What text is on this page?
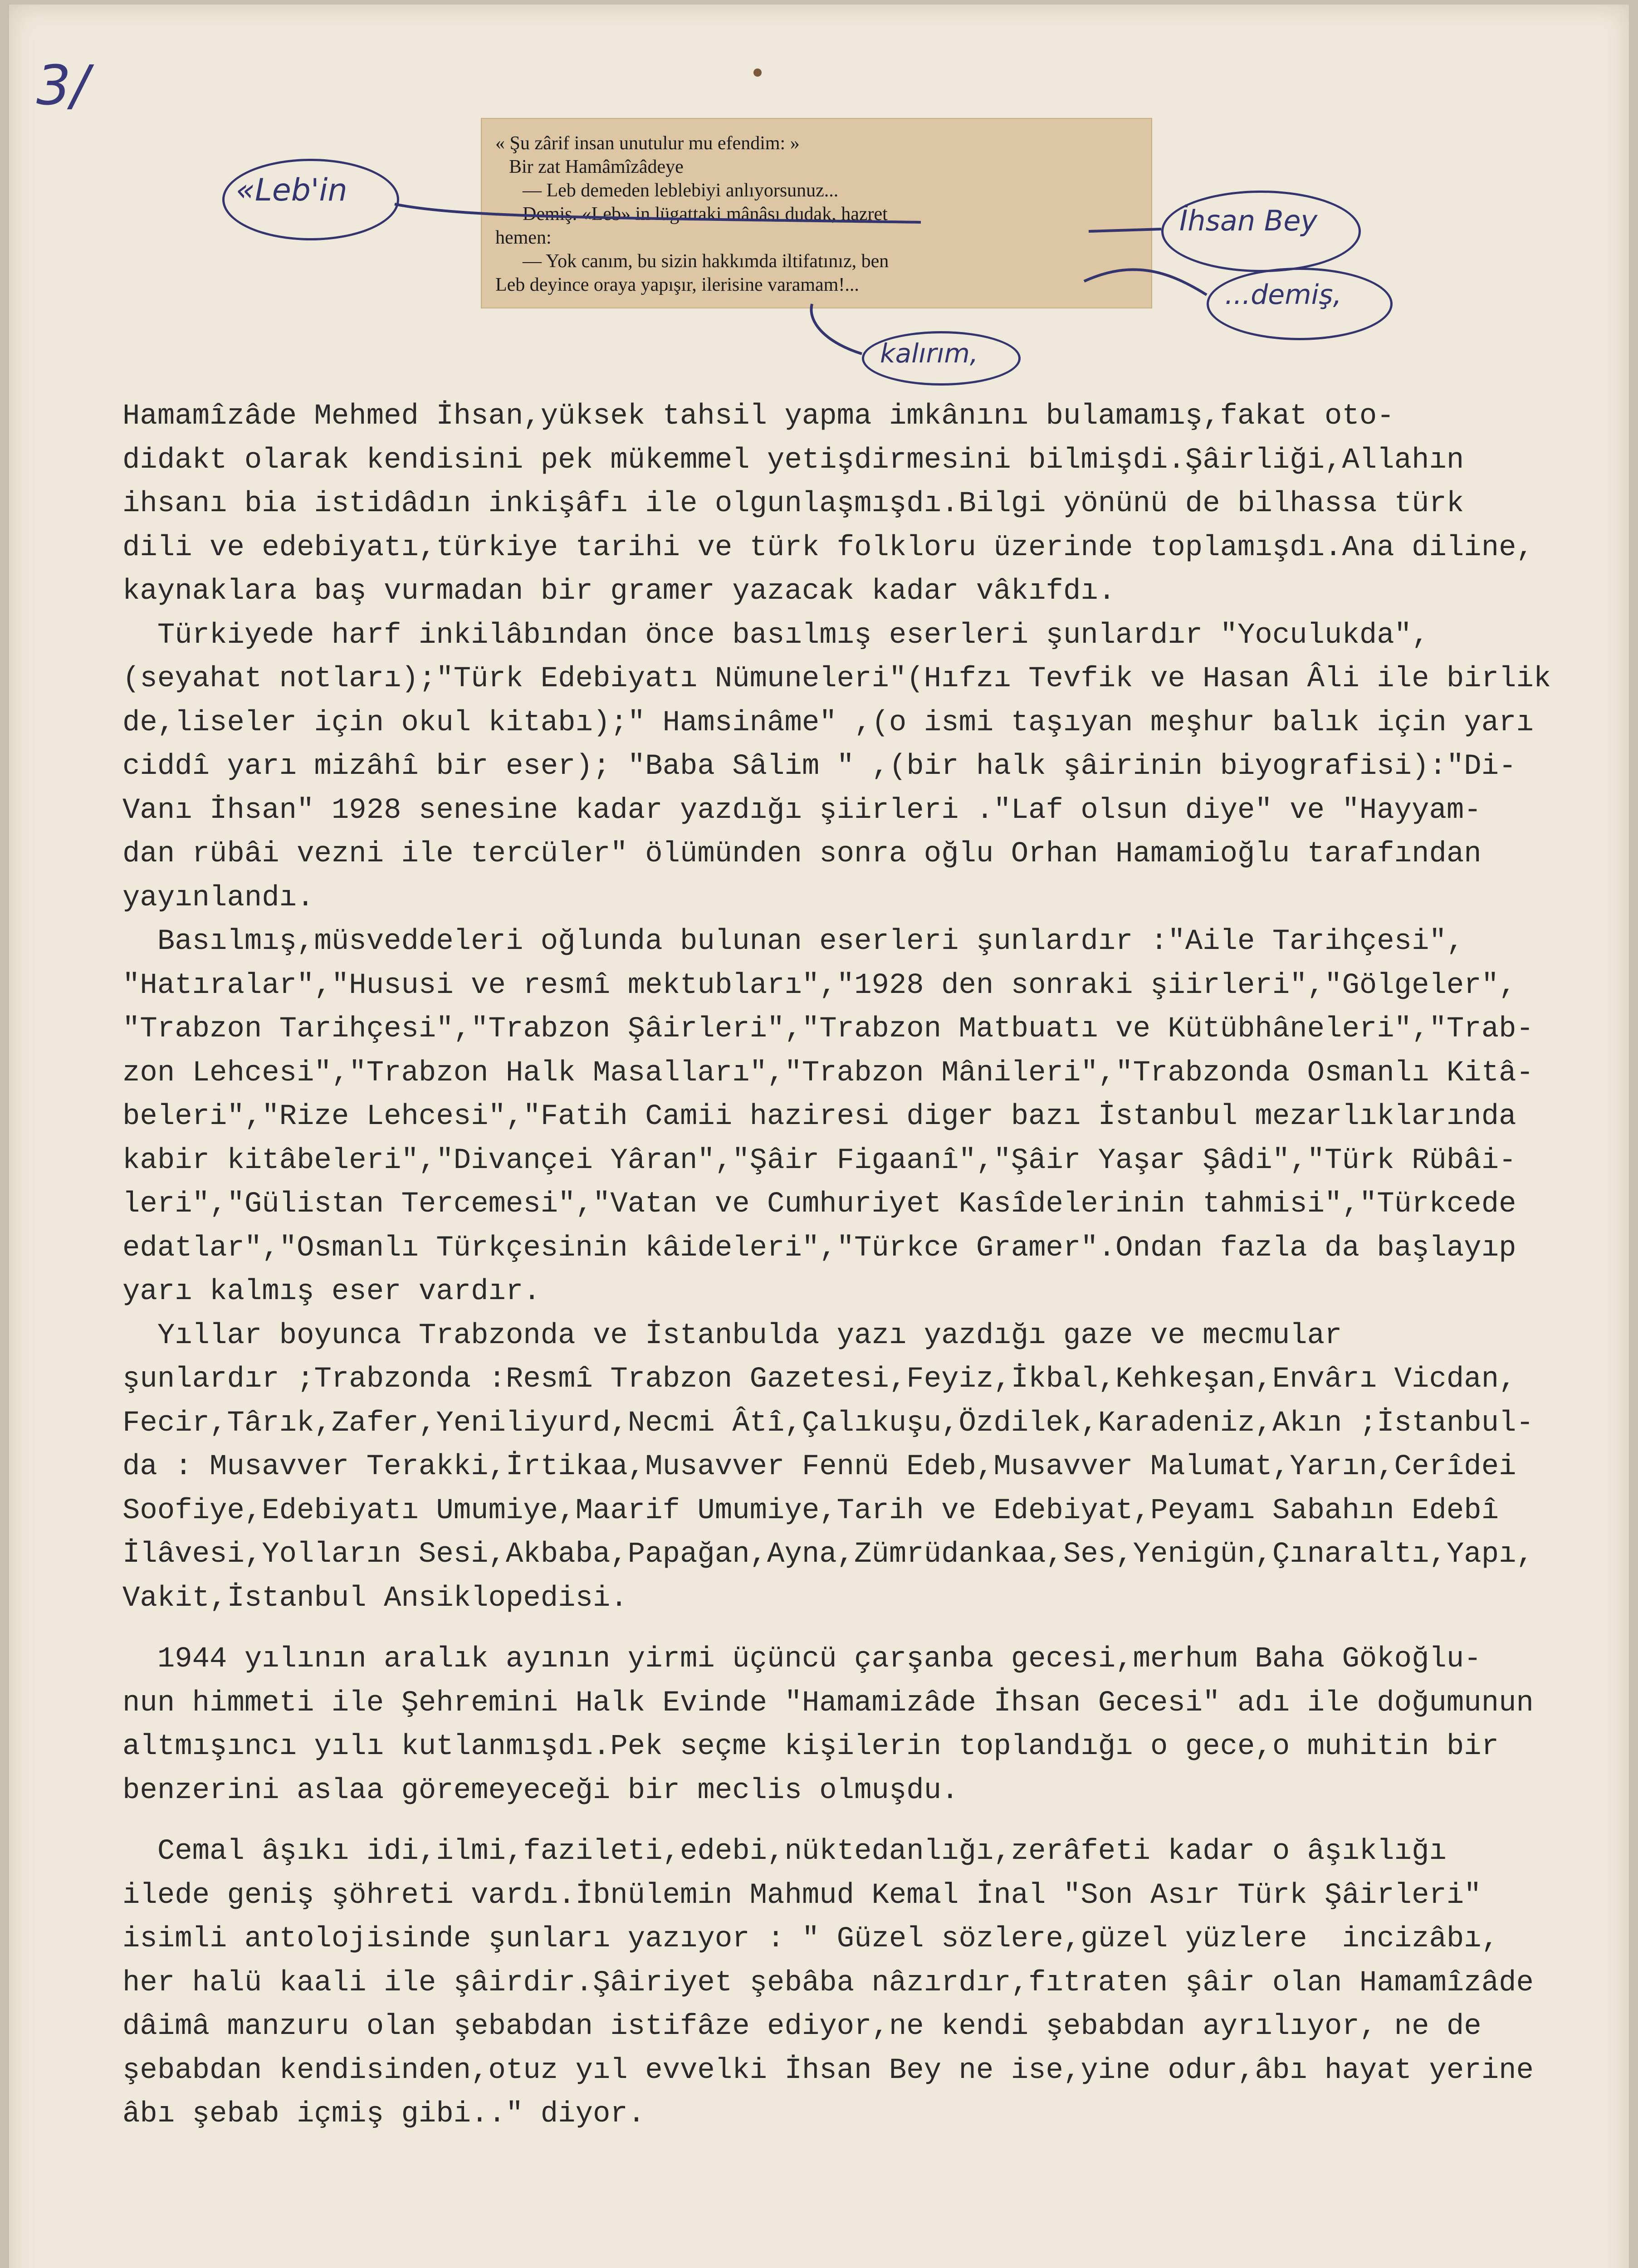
3/
« Şu zârif insan unutulur mu efendim: »
Bir zat Hamâmîzâdeye
— Leb demeden leblebiyi anlıyorsunuz...
Demiş. «Leb» in lügattaki mânâsı dudak, hazret
hemen:
— Yok canım, bu sizin hakkımda iltifatınız, ben
Leb deyince oraya yapışır, ilerisine varamam!...
«Leb'in
İhsan Bey
...demiş,
kalırım,

Hamamîzâde Mehmed İhsan,yüksek tahsil yapma imkânını bulamamış,fakat oto-

didakt olarak kendisini pek mükemmel yetişdirmesini bilmişdi.Şâirliği,Allahın

ihsanı bia istidâdın inkişâfı ile olgunlaşmışdı.Bilgi yönünü de bilhassa türk

dili ve edebiyatı,türkiye tarihi ve türk folkloru üzerinde toplamışdı.Ana diline,

kaynaklara baş vurmadan bir gramer yazacak kadar vâkıfdı.

Türkiyede harf inkilâbından önce basılmış eserleri şunlardır "Yoculukda",

(seyahat notları);"Türk Edebiyatı Nümuneleri"(Hıfzı Tevfik ve Hasan Âli ile birlik

de,liseler için okul kitabı);" Hamsinâme" ,(o ismi taşıyan meşhur balık için yarı

ciddî yarı mizâhî bir eser); "Baba Sâlim " ,(bir halk şâirinin biyografisi):"Di-

Vanı İhsan" 1928 senesine kadar yazdığı şiirleri ."Laf olsun diye" ve "Hayyam-

dan rübâi vezni ile tercüler" ölümünden sonra oğlu Orhan Hamamioğlu tarafından

yayınlandı.

Basılmış,müsveddeleri oğlunda bulunan eserleri şunlardır :"Aile Tarihçesi",

"Hatıralar","Hususi ve resmî mektubları","1928 den sonraki şiirleri","Gölgeler",

"Trabzon Tarihçesi","Trabzon Şâirleri","Trabzon Matbuatı ve Kütübhâneleri","Trab-

zon Lehcesi","Trabzon Halk Masalları","Trabzon Mânileri","Trabzonda Osmanlı Kitâ-

beleri","Rize Lehcesi","Fatih Camii haziresi diger bazı İstanbul mezarlıklarında

kabir kitâbeleri","Divançei Yâran","Şâir Figaanî","Şâir Yaşar Şâdi","Türk Rübâi-

leri","Gülistan Tercemesi","Vatan ve Cumhuriyet Kasîdelerinin tahmisi","Türkcede

edatlar","Osmanlı Türkçesinin kâideleri","Türkce Gramer".Ondan fazla da başlayıp

yarı kalmış eser vardır.

Yıllar boyunca Trabzonda ve İstanbulda yazı yazdığı gaze ve mecmular

şunlardır ;Trabzonda :Resmî Trabzon Gazetesi,Feyiz,İkbal,Kehkeşan,Envârı Vicdan,

Fecir,Târık,Zafer,Yeniliyurd,Necmi Âtî,Çalıkuşu,Özdilek,Karadeniz,Akın ;İstanbul-

da : Musavver Terakki,İrtikaa,Musavver Fennü Edeb,Musavver Malumat,Yarın,Cerîdei

Soofiye,Edebiyatı Umumiye,Maarif Umumiye,Tarih ve Edebiyat,Peyamı Sabahın Edebî

İlâvesi,Yolların Sesi,Akbaba,Papağan,Ayna,Zümrüdankaa,Ses,Yenigün,Çınaraltı,Yapı,

Vakit,İstanbul Ansiklopedisi.

1944 yılının aralık ayının yirmi üçüncü çarşanba gecesi,merhum Baha Gökoğlu-

nun himmeti ile Şehremini Halk Evinde "Hamamizâde İhsan Gecesi" adı ile doğumunun

altmışıncı yılı kutlanmışdı.Pek seçme kişilerin toplandığı o gece,o muhitin bir

benzerini aslaa göremeyeceği bir meclis olmuşdu.

Cemal âşıkı idi,ilmi,fazileti,edebi,nüktedanlığı,zerâfeti kadar o âşıklığı

ilede geniş şöhreti vardı.İbnülemin Mahmud Kemal İnal "Son Asır Türk Şâirleri"

isimli antolojisinde şunları yazıyor : " Güzel sözlere,güzel yüzlere  incizâbı,

her halü kaali ile şâirdir.Şâiriyet şebâba nâzırdır,fıtraten şâir olan Hamamîzâde

dâimâ manzuru olan şebabdan istifâze ediyor,ne kendi şebabdan ayrılıyor, ne de

şebabdan kendisinden,otuz yıl evvelki İhsan Bey ne ise,yine odur,âbı hayat yerine

âbı şebab içmiş gibi.." diyor.
